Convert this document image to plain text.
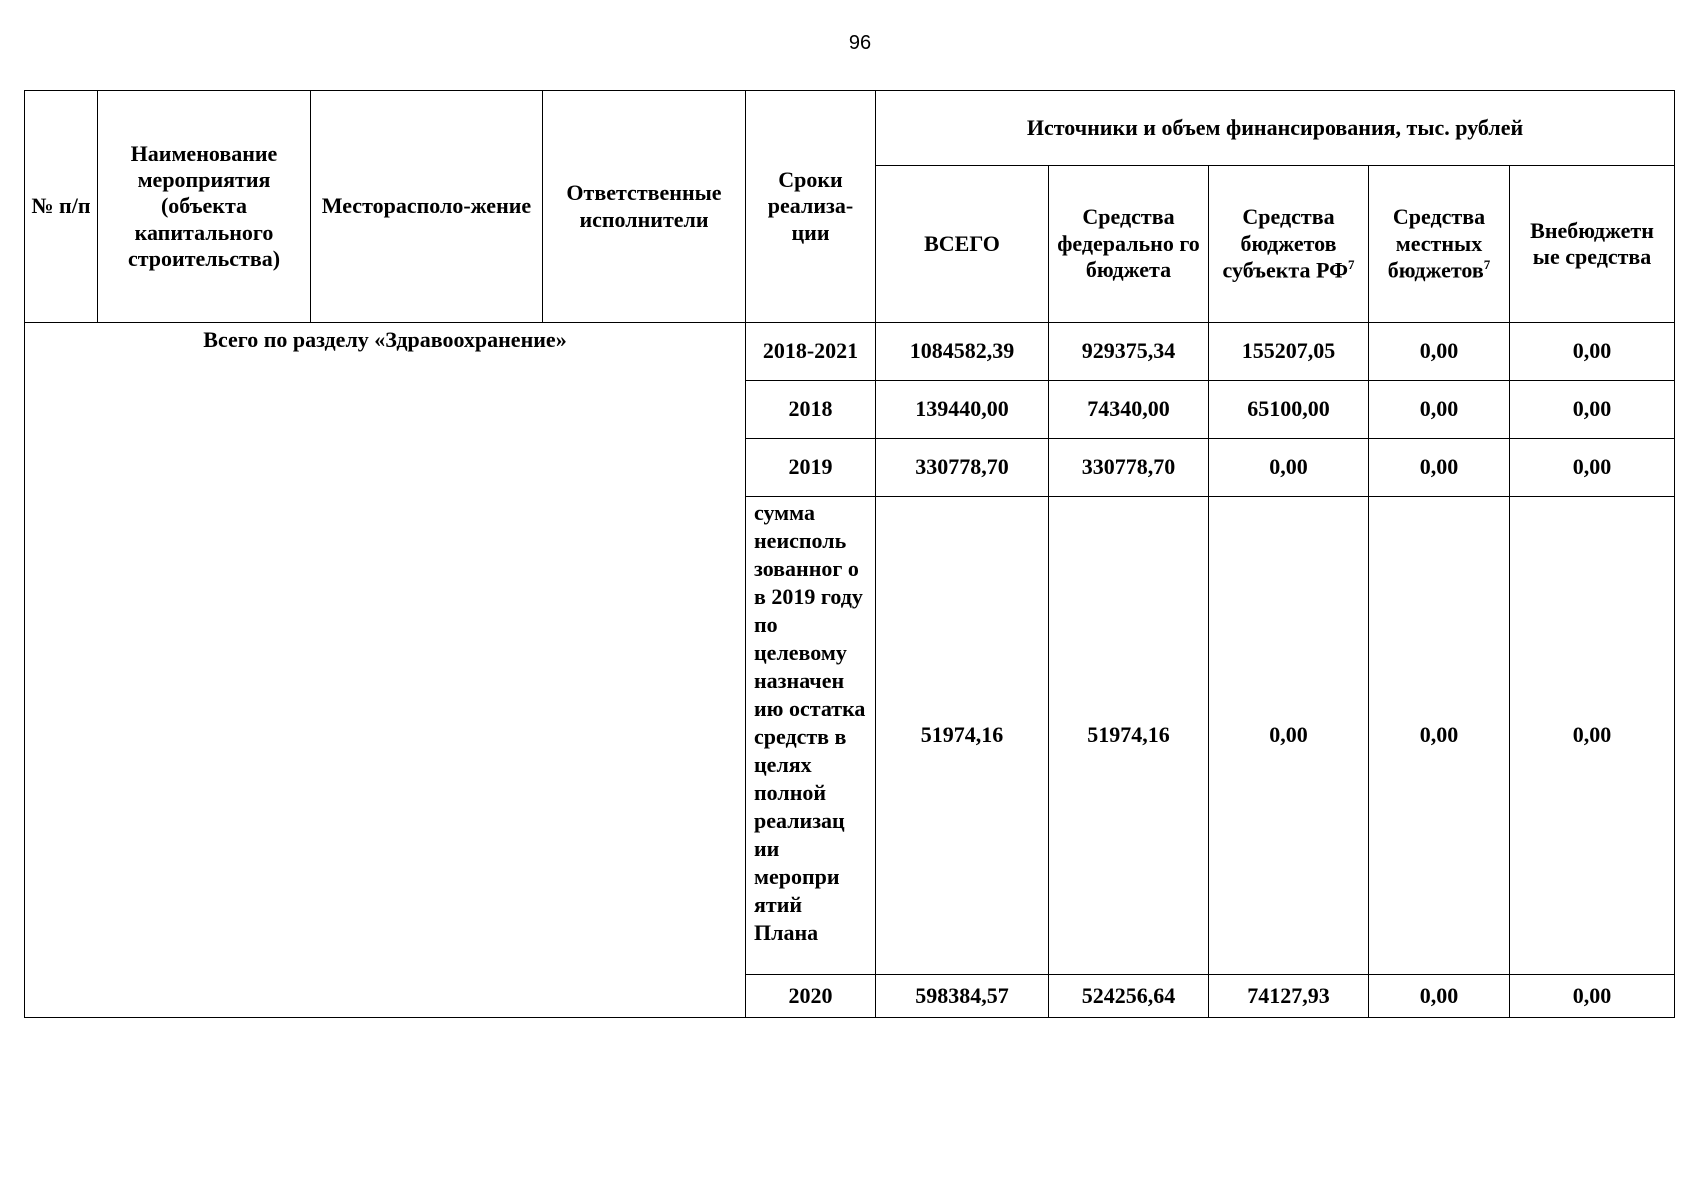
96
№ п/п	Наименование мероприятия (объекта капитального строительства)	Месторасполо-жение	Ответственные исполнители	Сроки реализа-ции	Источники и объем финансирования, тыс. рублей				
					ВСЕГО	Средства федерально го бюджета	Средства бюджетов субъекта $РФ^7$	Средства местных бюджетов$^7$	Внебюджетн ые средства
Всего по разделу «Здравоохранение»				2018-2021	1084582,39	929375,34	155207,05	0,00	0,00
				2018	139440,00	74340,00	65100,00	0,00	0,00
				2019	330778,70	330778,70	0,00	0,00	0,00
				сумма неисполь зованног о в 2019 году по целевому назначен ию остатка средств в целях полной реализац ии меропри ятий Плана	51974,16	51974,16	0,00	0,00	0,00
				2020	598384,57	524256,64	74127,93	0,00	0,00
